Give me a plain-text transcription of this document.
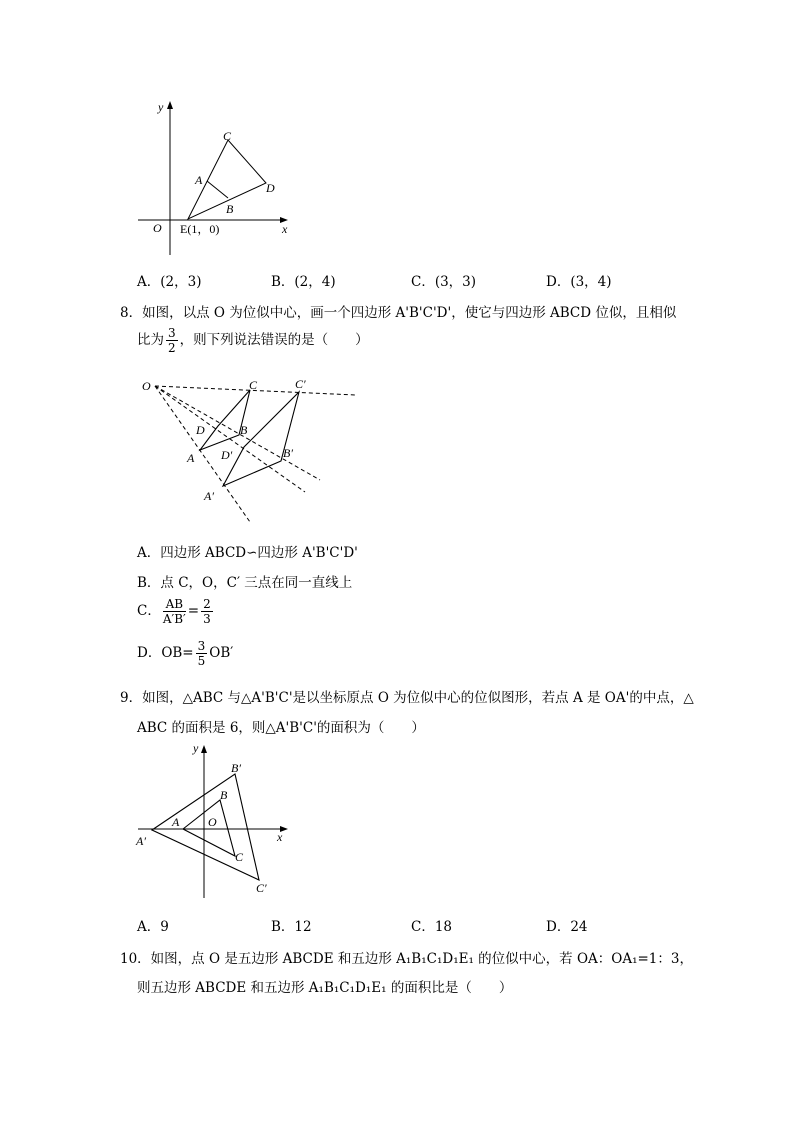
y
x
O
C
A
D
B
E(1，0)
A．(2，3)	B．(2，4)	C．(3，3)	D．(3，4)
8．如图，以点 O 为位似中心，画一个四边形 A'B'C'D'，使它与四边形 ABCD 位似，且相似
比为 $\frac{3}{2}$ ，则下列说法错误的是（　　）
O	C	C′
D	B
A D′	B′
A′
A．四边形 ABCD∽四边形 A'B'C'D'
B．点 C，O，C′ 三点在同一直线上
C． $\frac{AB}{A'B'} = \frac{2}{3}$
D．$OB= \frac{3}{5} OB'$
9．如图，△ABC 与△A'B'C'是以坐标原点 O 为位似中心的位似图形，若点 A 是 OA'的中点，△
ABC 的面积是 6，则△A'B'C'的面积为（　　）
y
x
B′
B
A O
A′
C
C′
A．9	B．12	C．18	D．24
10．如图，点 O 是五边形 ABCDE 和五边形 A₁B₁C₁D₁E₁ 的位似中心，若 OA：OA₁=1：3，
则五边形 ABCDE 和五边形 A₁B₁C₁D₁E₁ 的面积比是（　　）
